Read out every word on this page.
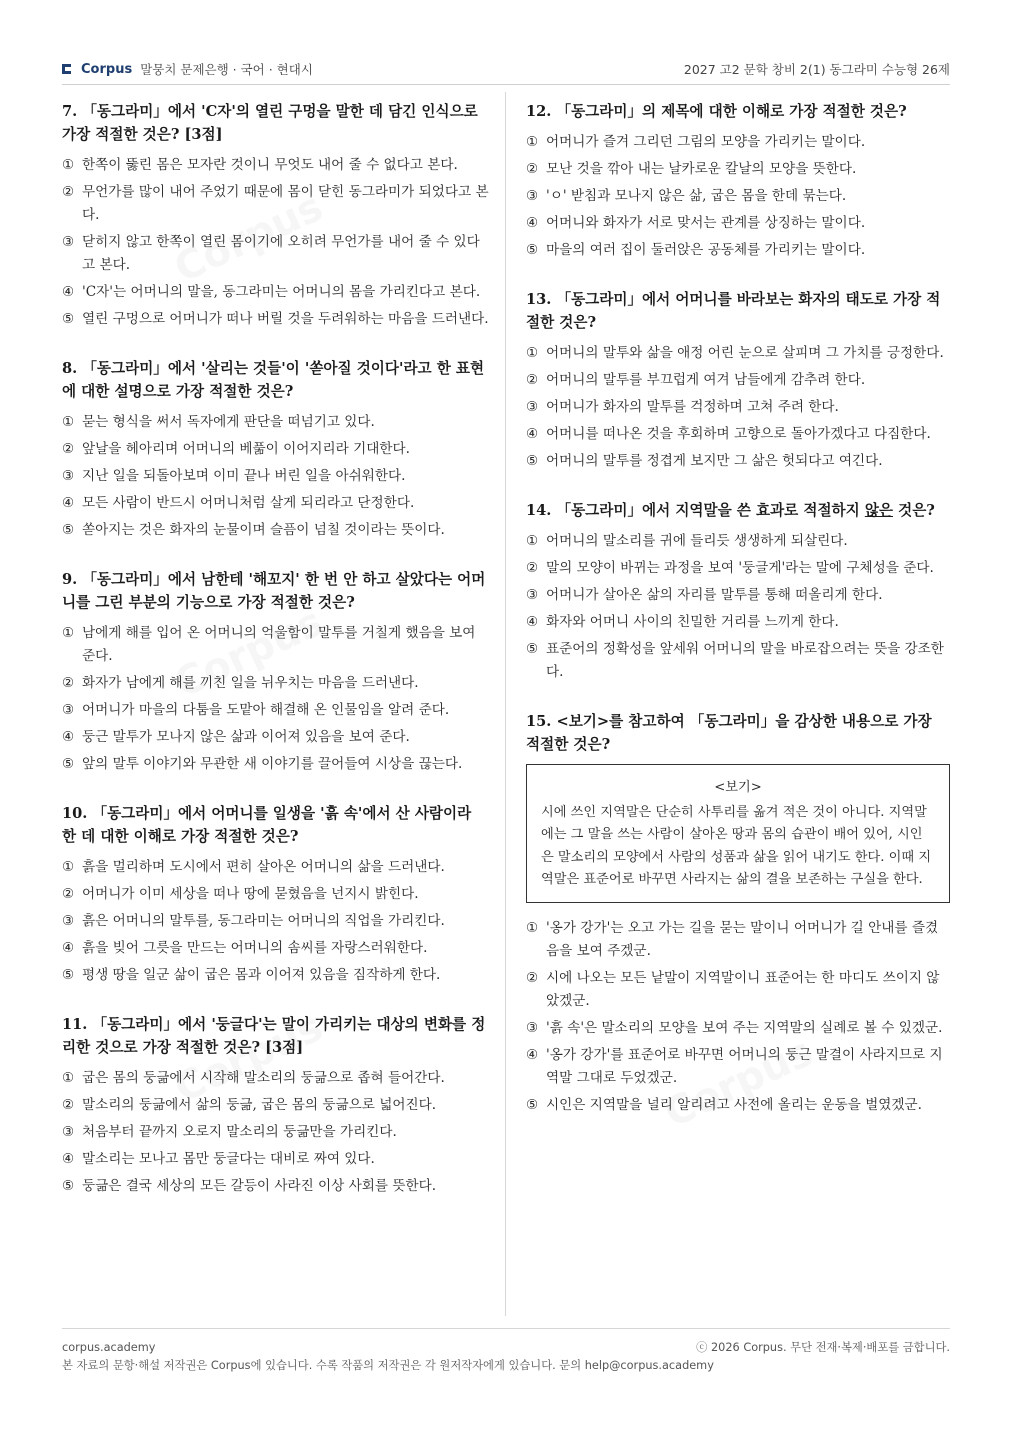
Corpus 말뭉치 문제은행 · 국어 · 현대시	2027 고2 문학 창비 2(1) 동그라미 수능형 26제
7. 「동그라미」에서 'C자'의 열린 구멍을 말한 데 담긴 인식으로 가장 적절한 것은? [3점]
① 한쪽이 뚫린 몸은 모자란 것이니 무엇도 내어 줄 수 없다고 본다.
② 무언가를 많이 내어 주었기 때문에 몸이 닫힌 동그라미가 되었다고 본다.
③ 닫히지 않고 한쪽이 열린 몸이기에 오히려 무언가를 내어 줄 수 있다고 본다.
④ 'C자'는 어머니의 말을, 동그라미는 어머니의 몸을 가리킨다고 본다.
⑤ 열린 구멍으로 어머니가 떠나 버릴 것을 두려워하는 마음을 드러낸다.
8. 「동그라미」에서 '살리는 것들'이 '쏟아질 것이다'라고 한 표현에 대한 설명으로 가장 적절한 것은?
① 묻는 형식을 써서 독자에게 판단을 떠넘기고 있다.
② 앞날을 헤아리며 어머니의 베풂이 이어지리라 기대한다.
③ 지난 일을 되돌아보며 이미 끝나 버린 일을 아쉬워한다.
④ 모든 사람이 반드시 어머니처럼 살게 되리라고 단정한다.
⑤ 쏟아지는 것은 화자의 눈물이며 슬픔이 넘칠 것이라는 뜻이다.
9. 「동그라미」에서 남한테 '해꼬지' 한 번 안 하고 살았다는 어머니를 그린 부분의 기능으로 가장 적절한 것은?
① 남에게 해를 입어 온 어머니의 억울함이 말투를 거칠게 했음을 보여 준다.
② 화자가 남에게 해를 끼친 일을 뉘우치는 마음을 드러낸다.
③ 어머니가 마을의 다툼을 도맡아 해결해 온 인물임을 알려 준다.
④ 둥근 말투가 모나지 않은 삶과 이어져 있음을 보여 준다.
⑤ 앞의 말투 이야기와 무관한 새 이야기를 끌어들여 시상을 끊는다.
10. 「동그라미」에서 어머니를 일생을 '흙 속'에서 산 사람이라 한 데 대한 이해로 가장 적절한 것은?
① 흙을 멀리하며 도시에서 편히 살아온 어머니의 삶을 드러낸다.
② 어머니가 이미 세상을 떠나 땅에 묻혔음을 넌지시 밝힌다.
③ 흙은 어머니의 말투를, 동그라미는 어머니의 직업을 가리킨다.
④ 흙을 빚어 그릇을 만드는 어머니의 솜씨를 자랑스러워한다.
⑤ 평생 땅을 일군 삶이 굽은 몸과 이어져 있음을 짐작하게 한다.
11. 「동그라미」에서 '둥글다'는 말이 가리키는 대상의 변화를 정리한 것으로 가장 적절한 것은? [3점]
① 굽은 몸의 둥긂에서 시작해 말소리의 둥긂으로 좁혀 들어간다.
② 말소리의 둥긂에서 삶의 둥긂, 굽은 몸의 둥긂으로 넓어진다.
③ 처음부터 끝까지 오로지 말소리의 둥긂만을 가리킨다.
④ 말소리는 모나고 몸만 둥글다는 대비로 짜여 있다.
⑤ 둥긂은 결국 세상의 모든 갈등이 사라진 이상 사회를 뜻한다.
12. 「동그라미」의 제목에 대한 이해로 가장 적절한 것은?
① 어머니가 즐겨 그리던 그림의 모양을 가리키는 말이다.
② 모난 것을 깎아 내는 날카로운 칼날의 모양을 뜻한다.
③ 'ㅇ' 받침과 모나지 않은 삶, 굽은 몸을 한데 묶는다.
④ 어머니와 화자가 서로 맞서는 관계를 상징하는 말이다.
⑤ 마을의 여러 집이 둘러앉은 공동체를 가리키는 말이다.
13. 「동그라미」에서 어머니를 바라보는 화자의 태도로 가장 적절한 것은?
① 어머니의 말투와 삶을 애정 어린 눈으로 살피며 그 가치를 긍정한다.
② 어머니의 말투를 부끄럽게 여겨 남들에게 감추려 한다.
③ 어머니가 화자의 말투를 걱정하며 고쳐 주려 한다.
④ 어머니를 떠나온 것을 후회하며 고향으로 돌아가겠다고 다짐한다.
⑤ 어머니의 말투를 정겹게 보지만 그 삶은 헛되다고 여긴다.
14. 「동그라미」에서 지역말을 쓴 효과로 적절하지 않은 것은?
① 어머니의 말소리를 귀에 들리듯 생생하게 되살린다.
② 말의 모양이 바뀌는 과정을 보여 '둥글게'라는 말에 구체성을 준다.
③ 어머니가 살아온 삶의 자리를 말투를 통해 떠올리게 한다.
④ 화자와 어머니 사이의 친밀한 거리를 느끼게 한다.
⑤ 표준어의 정확성을 앞세워 어머니의 말을 바로잡으려는 뜻을 강조한다.
15. <보기>를 참고하여 「동그라미」을 감상한 내용으로 가장 적절한 것은?
<보기>
시에 쓰인 지역말은 단순히 사투리를 옮겨 적은 것이 아니다. 지역말에는 그 말을 쓰는 사람이 살아온 땅과 몸의 습관이 배어 있어, 시인은 말소리의 모양에서 사람의 성품과 삶을 읽어 내기도 한다. 이때 지역말은 표준어로 바꾸면 사라지는 삶의 결을 보존하는 구실을 한다.
① '옹가 강가'는 오고 가는 길을 묻는 말이니 어머니가 길 안내를 즐겼음을 보여 주겠군.
② 시에 나오는 모든 낱말이 지역말이니 표준어는 한 마디도 쓰이지 않았겠군.
③ '흙 속'은 말소리의 모양을 보여 주는 지역말의 실례로 볼 수 있겠군.
④ '옹가 강가'를 표준어로 바꾸면 어머니의 둥근 말결이 사라지므로 지역말 그대로 두었겠군.
⑤ 시인은 지역말을 널리 알리려고 사전에 올리는 운동을 벌였겠군.
corpus.academy	ⓒ 2026 Corpus. 무단 전재·복제·배포를 금합니다.
본 자료의 문항·해설 저작권은 Corpus에 있습니다. 수록 작품의 저작권은 각 원저작자에게 있습니다. 문의 help@corpus.academy
